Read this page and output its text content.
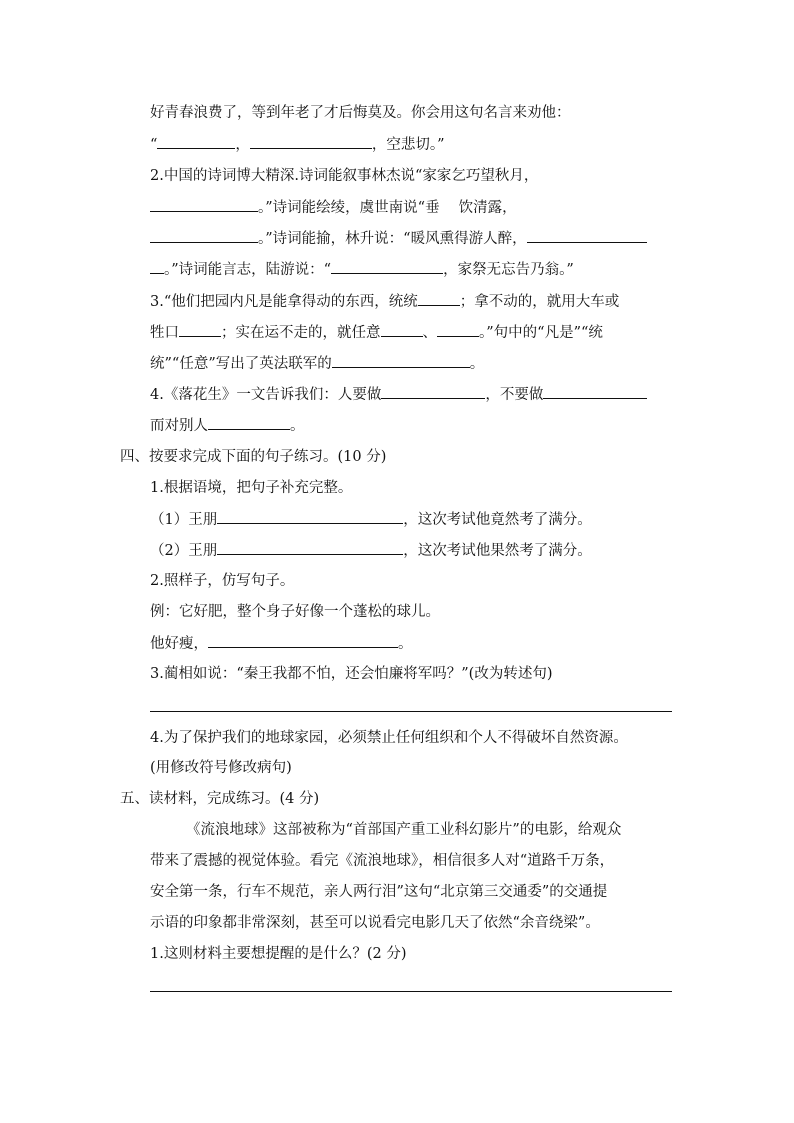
好青春浪费了，等到年老了才后悔莫及。你会用这句名言来劝他：
“	，	，空悲切。”
2.中国的诗词博大精深.诗词能叙事林杰说“家家乞巧望秋月，
。”诗词能绘绫，虞世南说“垂　 饮清露，
。”诗词能揄，林升说：“暖风熏得游人醉，
。”诗词能言志，陆游说：“	，家祭无忘告乃翁。”
3.“他们把园内凡是能拿得动的东西，统统	；拿不动的，就用大车或
牲口	；实在运不走的，就任意	、	。”句中的“凡是”“统
统”“任意”写出了英法联军的	。
4.《落花生》一文告诉我们：人要做	，不要做
而对别人	。
四、按要求完成下面的句子练习。(10 分)
1.根据语境，把句子补充完整。
（1）王朋	，这次考试他竟然考了满分。
（2）王朋	，这次考试他果然考了满分。
2.照样子，仿写句子。
例：它好肥，整个身子好像一个蓬松的球儿。
他好瘦，	。
3.蔺相如说：“秦王我都不怕，还会怕廉将军吗？”(改为转述句)
4.为了保护我们的地球家园，必须禁止任何组织和个人不得破坏自然资源。
(用修改符号修改病句)
五、读材料，完成练习。(4 分)
《流浪地球》这部被称为“首部国产重工业科幻影片”的电影，给观众
带来了震撼的视觉体验。看完《流浪地球》，相信很多人对“道路千万条，
安全第一条，行车不规范，亲人两行泪”这句“北京第三交通委”的交通提
示语的印象都非常深刻，甚至可以说看完电影几天了依然“余音绕梁”。
1.这则材料主要想提醒的是什么？(2 分)
